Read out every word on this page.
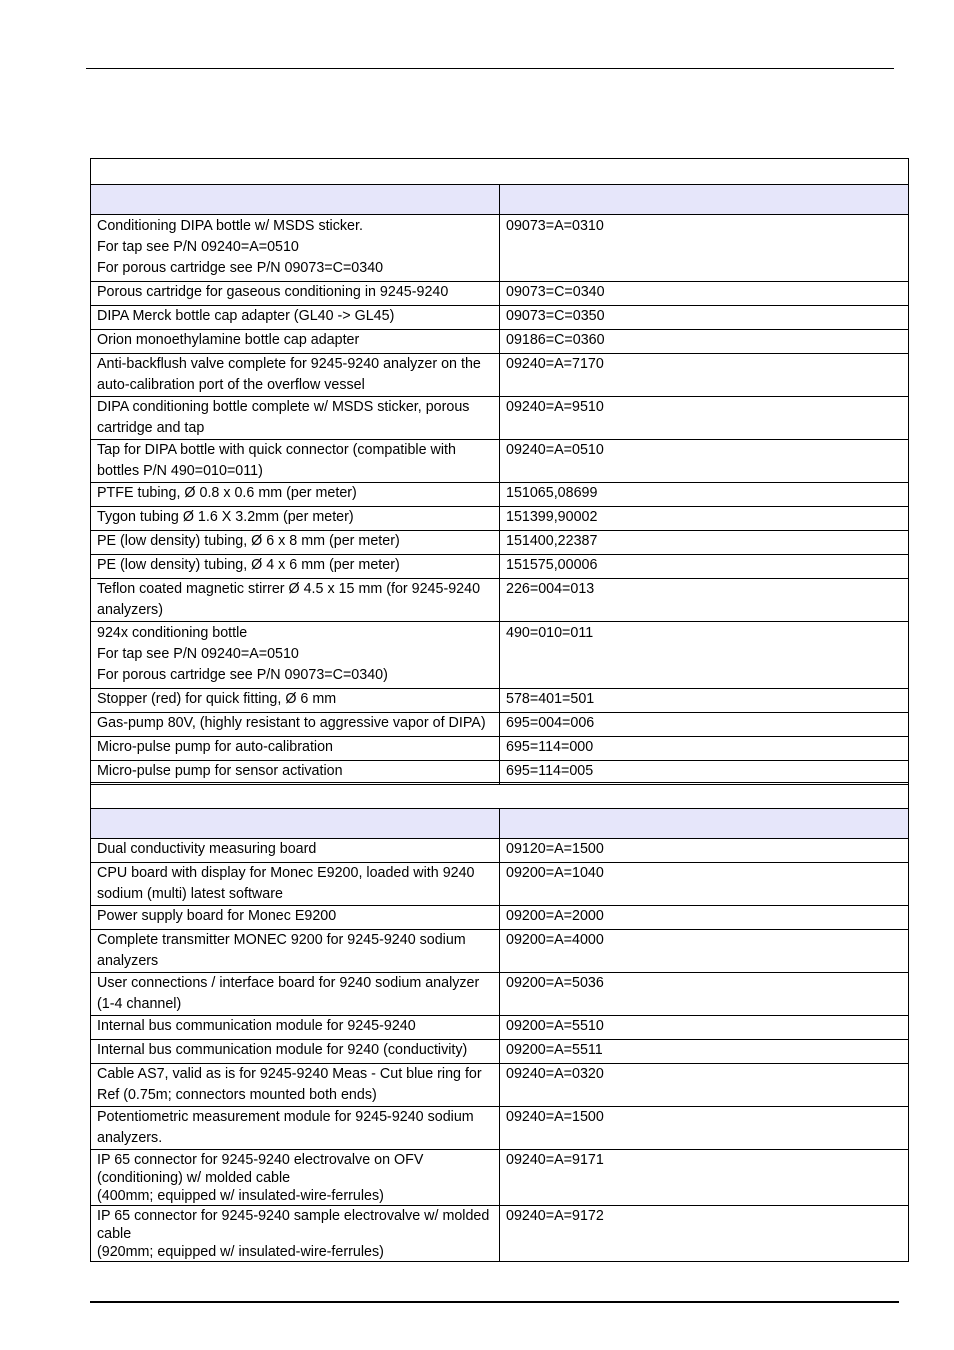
Conditioning DIPA bottle w/ MSDS sticker.
For tap see P/N 09240=A=0510
For porous cartridge see P/N 09073=C=0340	09073=A=0310

Porous cartridge for gaseous conditioning in 9245-9240	09073=C=0340

DIPA Merck bottle cap adapter (GL40 -> GL45)	09073=C=0350

Orion monoethylamine bottle cap adapter	09186=C=0360

Anti-backflush valve complete for 9245-9240 analyzer on the auto-calibration port of the overflow vessel	09240=A=7170

DIPA conditioning bottle complete w/ MSDS sticker, porous cartridge and tap	09240=A=9510

Tap for DIPA bottle with quick connector (compatible with bottles P/N 490=010=011)	09240=A=0510

PTFE tubing, Ø 0.8 x 0.6 mm (per meter)	151065,08699

Tygon tubing Ø 1.6 X 3.2mm (per meter)	151399,90002

PE (low density) tubing, Ø 6 x 8 mm (per meter)	151400,22387

PE (low density) tubing, Ø 4 x 6 mm (per meter)	151575,00006

Teflon coated magnetic stirrer Ø 4.5 x 15 mm (for 9245-9240 analyzers)	226=004=013

924x conditioning bottle
For tap see P/N 09240=A=0510
For porous cartridge see P/N 09073=C=0340)	490=010=011

Stopper (red) for quick fitting, Ø 6 mm	578=401=501

Gas-pump 80V, (highly resistant to aggressive vapor of DIPA)	695=004=006

Micro-pulse pump for auto-calibration	695=114=000

Micro-pulse pump for sensor activation	695=114=005

Dual conductivity measuring board	09120=A=1500

CPU board with display for Monec E9200, loaded with 9240 sodium (multi) latest software	09200=A=1040

Power supply board for Monec E9200	09200=A=2000

Complete transmitter MONEC 9200 for 9245-9240 sodium analyzers	09200=A=4000

User connections / interface board for 9240 sodium analyzer (1-4 channel)	09200=A=5036

Internal bus communication module for 9245-9240	09200=A=5510

Internal bus communication module for 9240 (conductivity)	09200=A=5511

Cable AS7, valid as is for 9245-9240 Meas - Cut blue ring for Ref (0.75m; connectors mounted both ends)	09240=A=0320

Potentiometric measurement module for 9245-9240 sodium analyzers.	09240=A=1500

IP 65 connector for 9245-9240 electrovalve on OFV (conditioning) w/ molded cable
(400mm; equipped w/ insulated-wire-ferrules)	09240=A=9171

IP 65 connector for 9245-9240 sample electrovalve w/ molded cable
(920mm; equipped w/ insulated-wire-ferrules)	09240=A=9172
